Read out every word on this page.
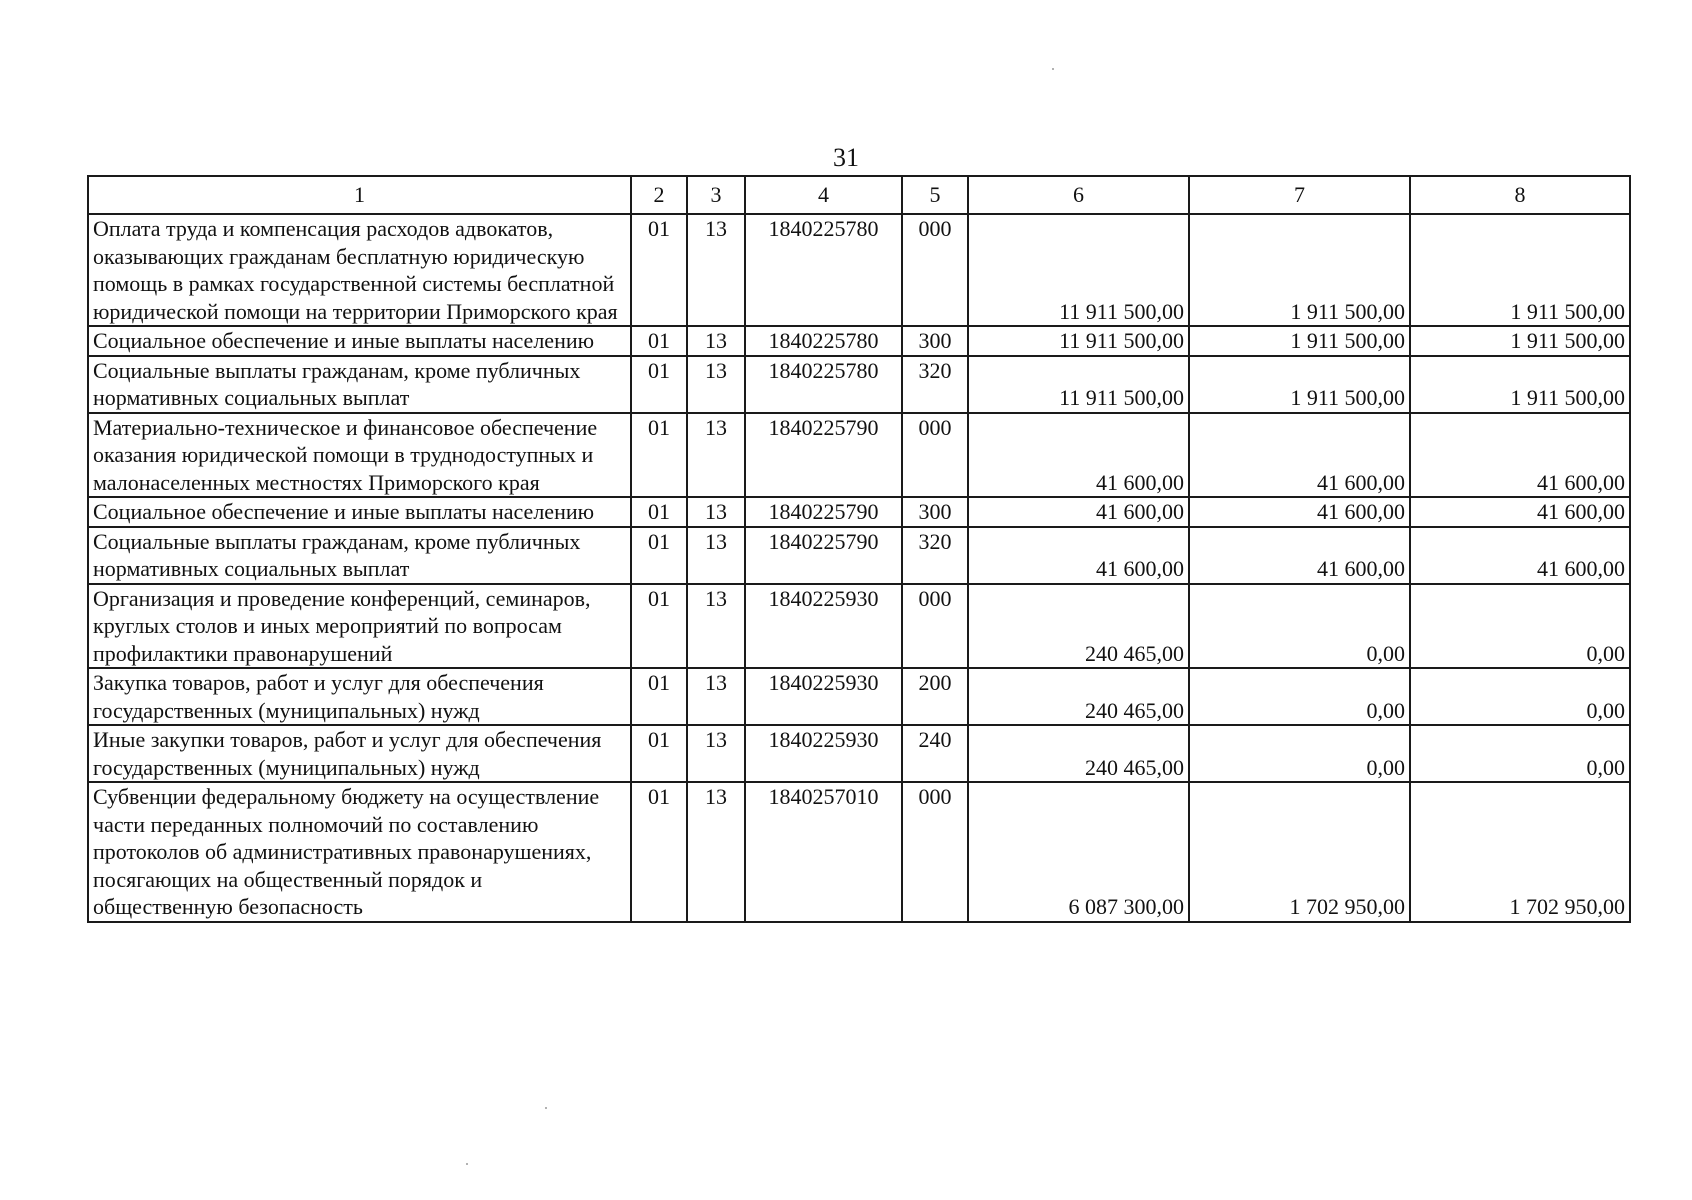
31
1	2	3	4	5	6	7	8
Оплата труда и компенсация расходов адвокатов, оказывающих гражданам бесплатную юридическую помощь в рамках государственной системы бесплатной юридической помощи на территории Приморского края	01	13	1840225780	000	11 911 500,00	1 911 500,00	1 911 500,00
Социальное обеспечение и иные выплаты населению	01	13	1840225780	300	11 911 500,00	1 911 500,00	1 911 500,00
Социальные выплаты гражданам, кроме публичных нормативных социальных выплат	01	13	1840225780	320	11 911 500,00	1 911 500,00	1 911 500,00
Материально-техническое и финансовое обеспечение оказания юридической помощи в труднодоступных и малонаселенных местностях Приморского края	01	13	1840225790	000	41 600,00	41 600,00	41 600,00
Социальное обеспечение и иные выплаты населению	01	13	1840225790	300	41 600,00	41 600,00	41 600,00
Социальные выплаты гражданам, кроме публичных нормативных социальных выплат	01	13	1840225790	320	41 600,00	41 600,00	41 600,00
Организация и проведение конференций, семинаров, круглых столов и иных мероприятий по вопросам профилактики правонарушений	01	13	1840225930	000	240 465,00	0,00	0,00
Закупка товаров, работ и услуг для обеспечения государственных (муниципальных) нужд	01	13	1840225930	200	240 465,00	0,00	0,00
Иные закупки товаров, работ и услуг для обеспечения государственных (муниципальных) нужд	01	13	1840225930	240	240 465,00	0,00	0,00
Субвенции федеральному бюджету на осуществление части переданных полномочий по составлению протоколов об административных правонарушениях, посягающих на общественный порядок и общественную безопасность	01	13	1840257010	000	6 087 300,00	1 702 950,00	1 702 950,00
